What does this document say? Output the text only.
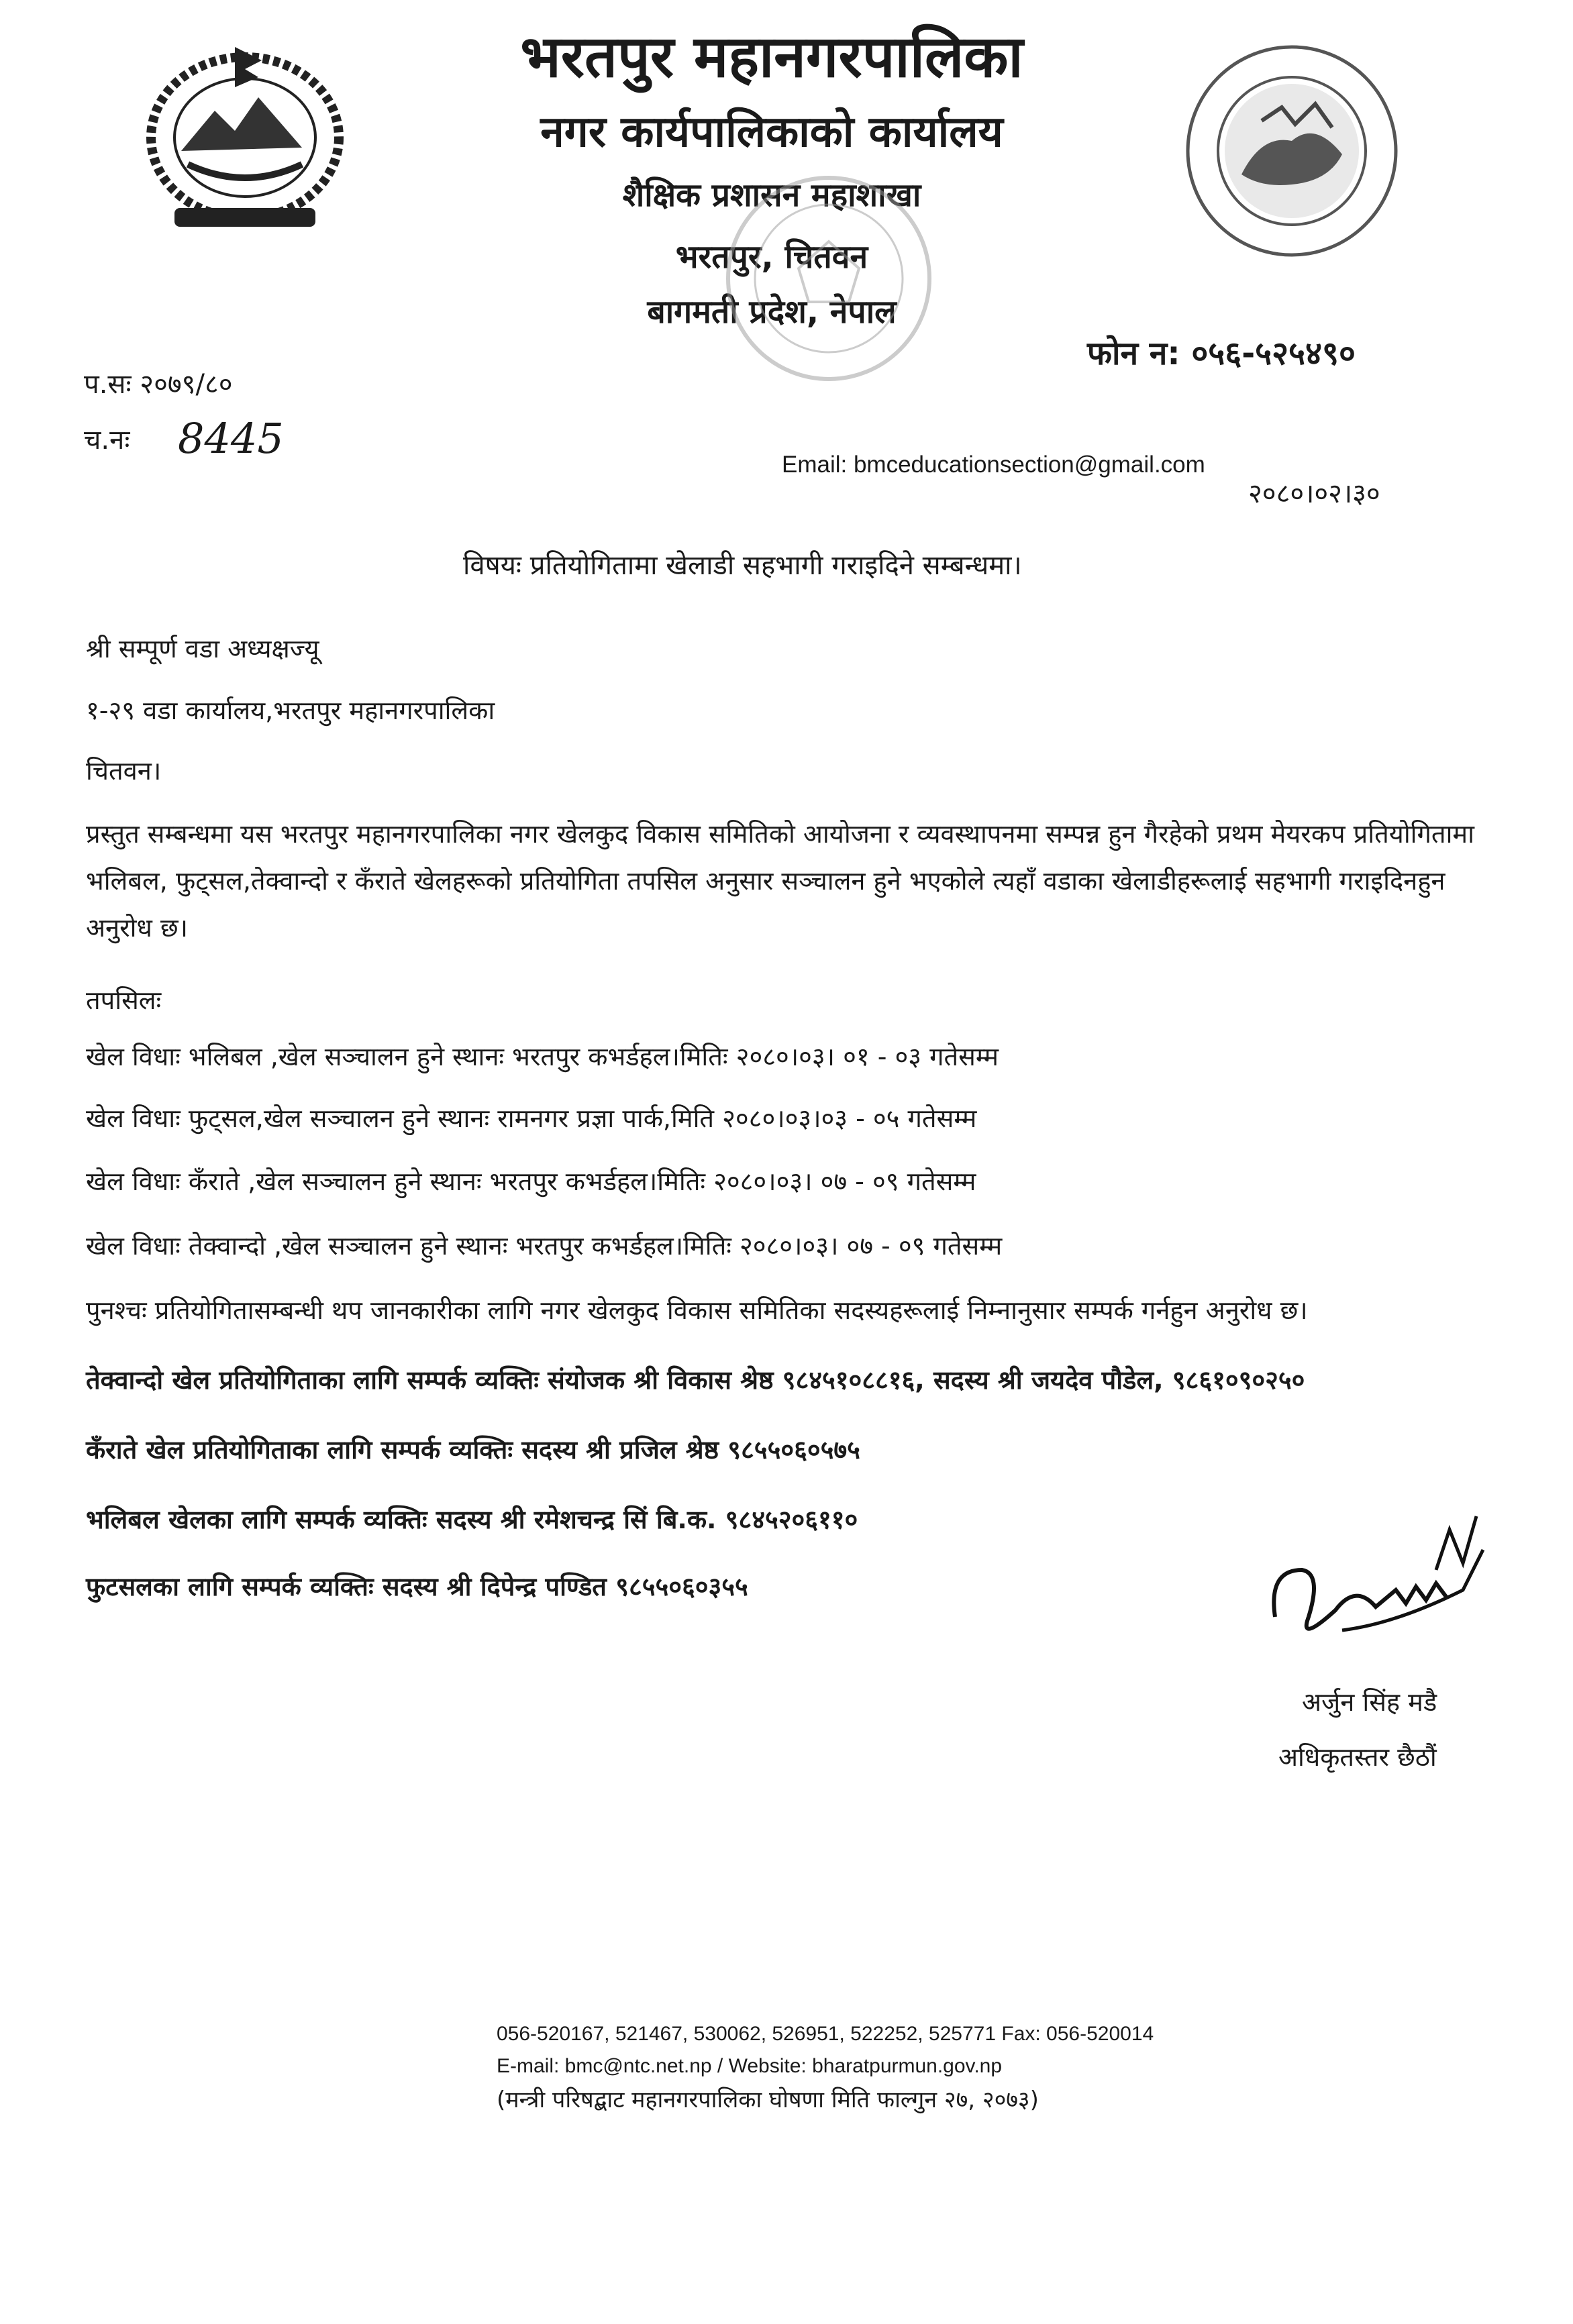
भरतपुर महानगरपालिका
नगर कार्यपालिकाको कार्यालय
शैक्षिक प्रशासन महाशाखा
भरतपुर, चितवन
बागमती प्रदेश, नेपाल
फोन न: ०५६-५२५४९०
प.सः २०७९/८०
च.नः 8445
Email: bmceducationsection@gmail.com
२०८०।०२।३०
विषयः प्रतियोगितामा खेलाडी सहभागी गराइदिने सम्बन्धमा।
श्री सम्पूर्ण वडा अध्यक्षज्यू
१-२९ वडा कार्यालय,भरतपुर महानगरपालिका
चितवन।
प्रस्तुत सम्बन्धमा यस भरतपुर महानगरपालिका नगर खेलकुद विकास समितिको आयोजना र व्यवस्थापनमा सम्पन्न हुन गैरहेको प्रथम मेयरकप प्रतियोगितामा भलिबल, फुट्सल,तेक्वान्दो र कँराते खेलहरूको प्रतियोगिता तपसिल अनुसार सञ्चालन हुने भएकोले त्यहाँ वडाका खेलाडीहरूलाई सहभागी गराइदिनहुन अनुरोध छ।
तपसिलः
खेल विधाः भलिबल ,खेल सञ्चालन हुने स्थानः भरतपुर कभर्डहल।मितिः २०८०।०३। ०१ - ०३ गतेसम्म
खेल विधाः फुट्सल,खेल सञ्चालन हुने स्थानः रामनगर प्रज्ञा पार्क,मिति २०८०।०३।०३ - ०५ गतेसम्म
खेल विधाः कँराते ,खेल सञ्चालन हुने स्थानः भरतपुर कभर्डहल।मितिः २०८०।०३। ०७ - ०९ गतेसम्म
खेल विधाः तेक्वान्दो ,खेल सञ्चालन हुने स्थानः भरतपुर कभर्डहल।मितिः २०८०।०३। ०७ - ०९ गतेसम्म
पुनश्चः प्रतियोगितासम्बन्धी थप जानकारीका लागि नगर खेलकुद विकास समितिका सदस्यहरूलाई निम्नानुसार सम्पर्क गर्नहुन अनुरोध छ।
तेक्वान्दो खेल प्रतियोगिताका लागि सम्पर्क व्यक्तिः संयोजक श्री विकास श्रेष्ठ ९८४५१०८८१६, सदस्य श्री जयदेव पौडेल, ९८६१०९०२५०
कँराते खेल प्रतियोगिताका लागि सम्पर्क व्यक्तिः सदस्य श्री प्रजिल श्रेष्ठ ९८५५०६०५७५
भलिबल खेलका लागि सम्पर्क व्यक्तिः सदस्य श्री रमेशचन्द्र सिं बि.क. ९८४५२०६११०
फुटसलका लागि सम्पर्क व्यक्तिः सदस्य श्री दिपेन्द्र पण्डित ९८५५०६०३५५
अर्जुन सिंह मडै
अधिकृतस्तर छैठौं
056-520167, 521467, 530062, 526951, 522252, 525771 Fax: 056-520014
E-mail: bmc@ntc.net.np / Website: bharatpurmun.gov.np
(मन्त्री परिषद्बाट महानगरपालिका घोषणा मिति फाल्गुन २७, २०७३)
